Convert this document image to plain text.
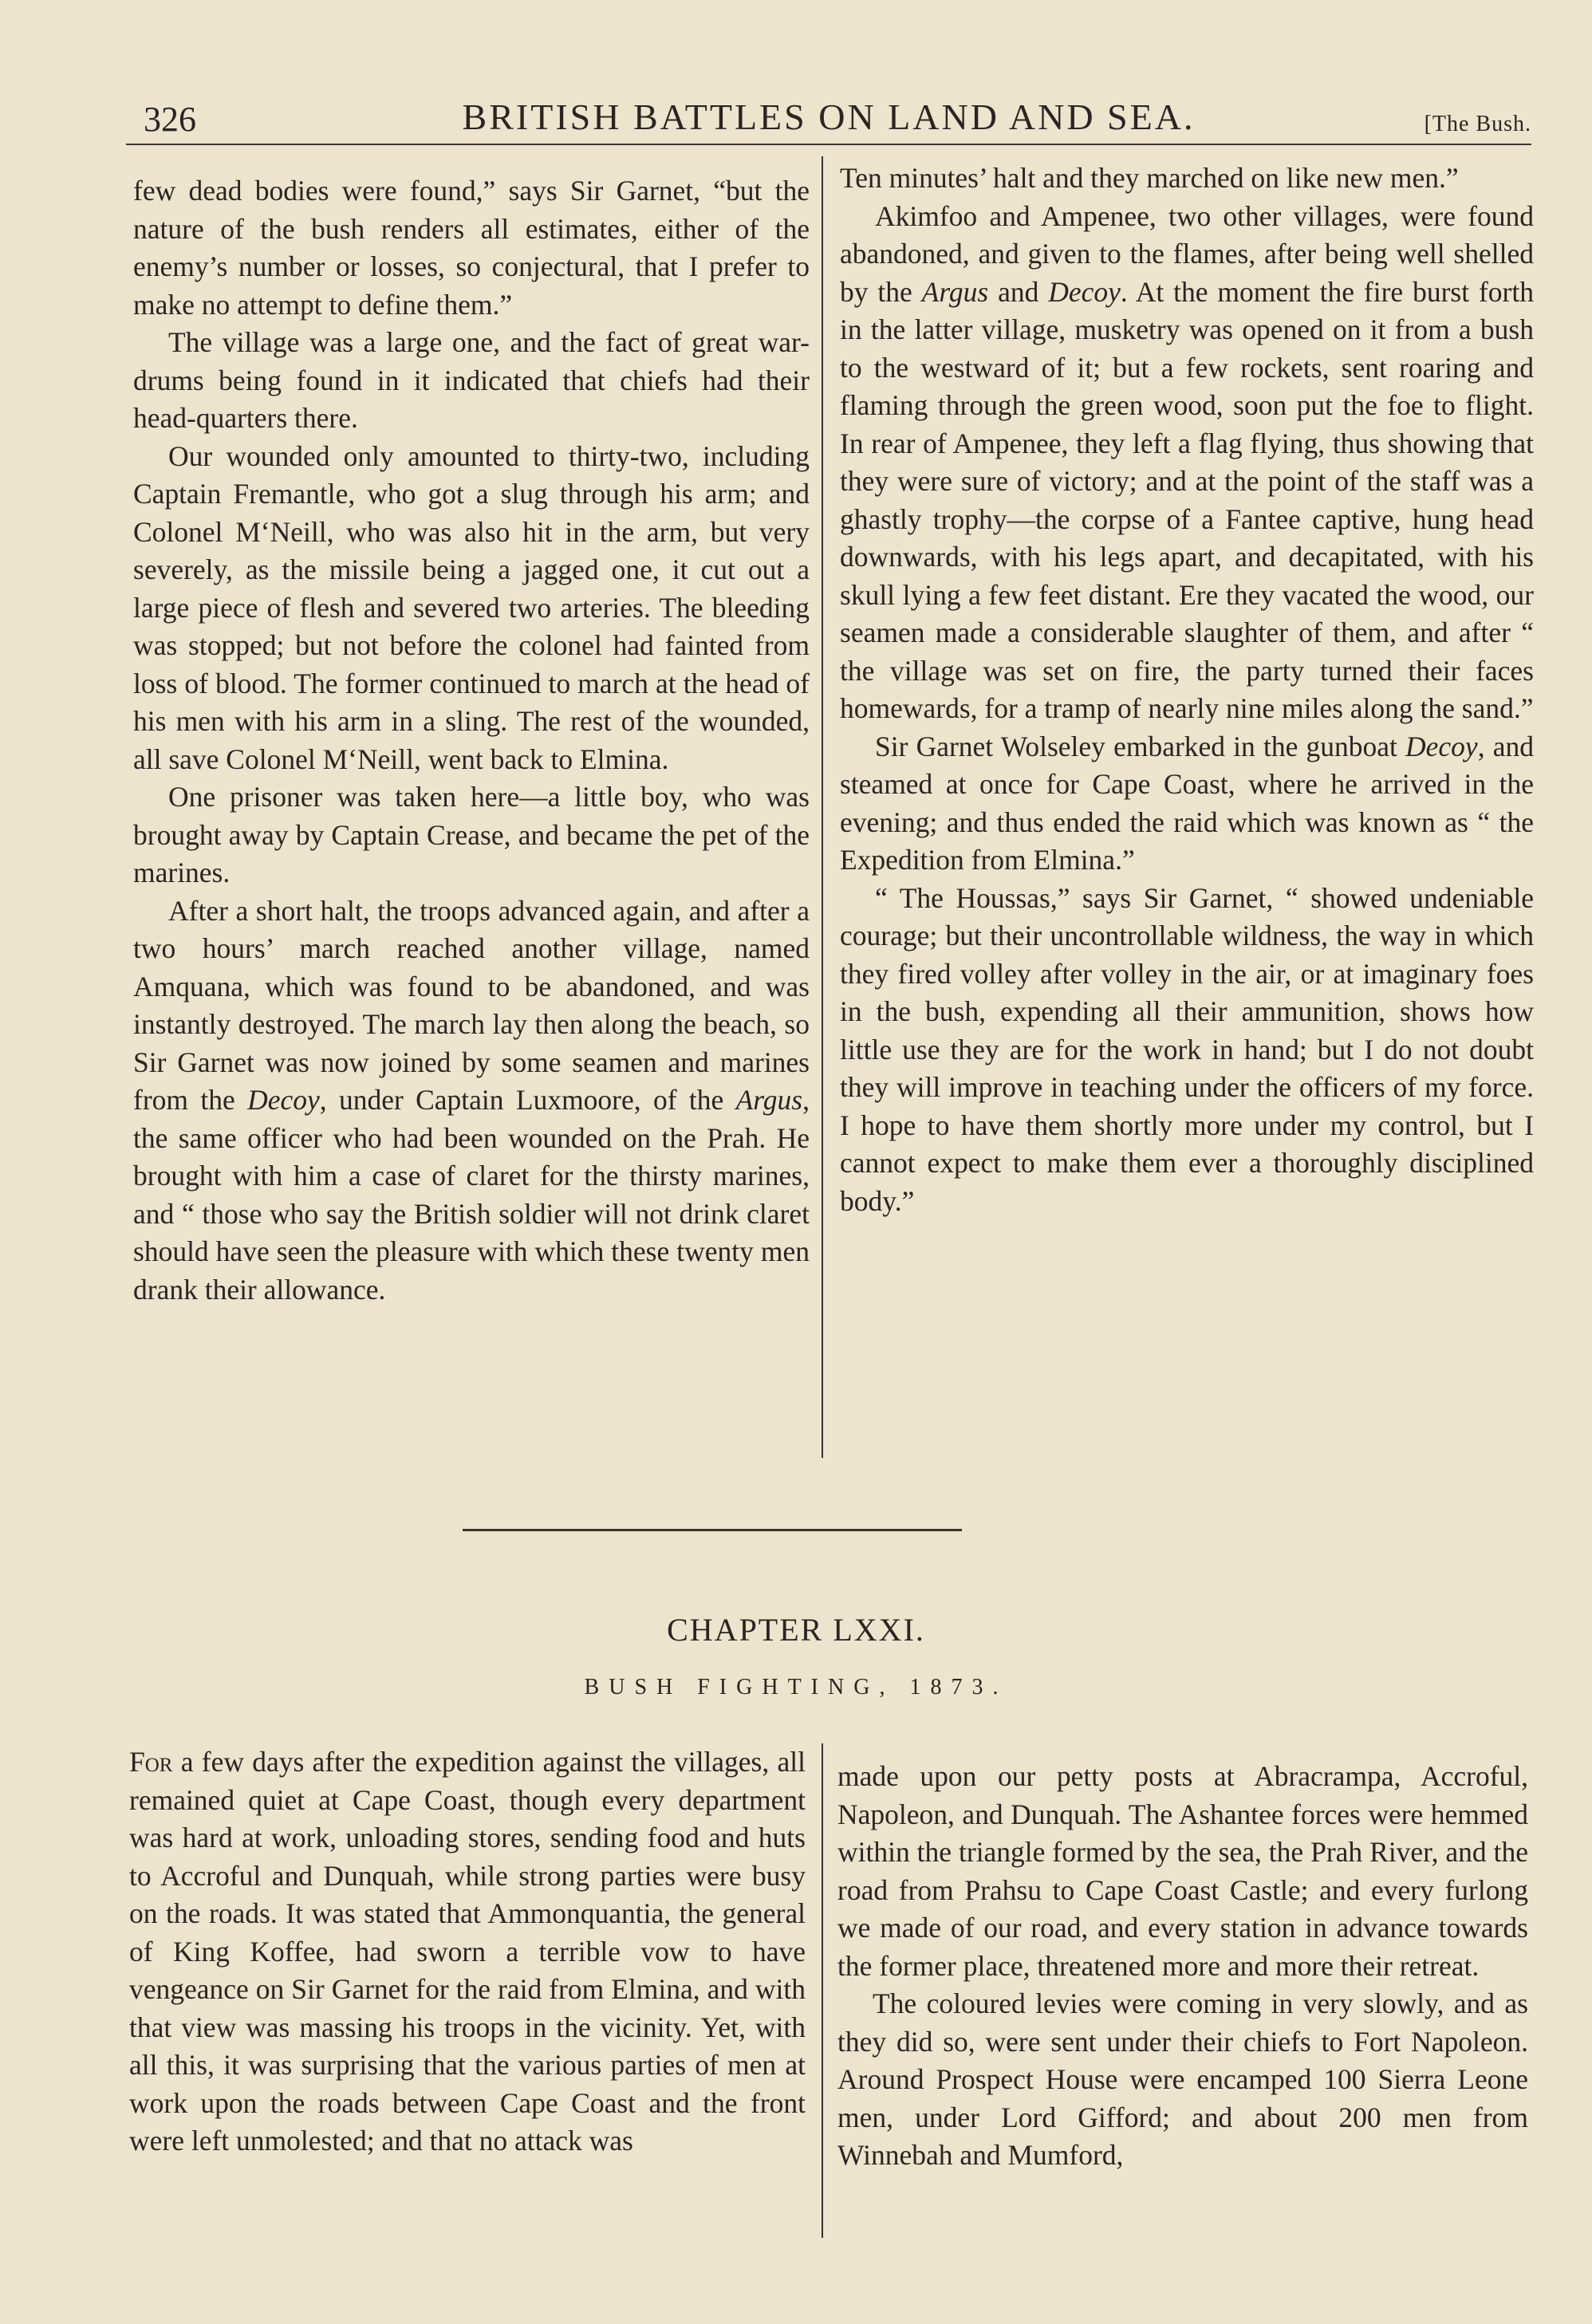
326	BRITISH BATTLES ON LAND AND SEA.	[The Bush.

few dead bodies were found,” says Sir Garnet, “but the nature of the bush renders all estimates, either of the enemy’s number or losses, so conjectural, that I prefer to make no attempt to define them.”

The village was a large one, and the fact of great war-drums being found in it indicated that chiefs had their head-quarters there.

Our wounded only amounted to thirty-two, including Captain Fremantle, who got a slug through his arm; and Colonel M‘Neill, who was also hit in the arm, but very severely, as the missile being a jagged one, it cut out a large piece of flesh and severed two arteries. The bleeding was stopped; but not before the colonel had fainted from loss of blood. The former continued to march at the head of his men with his arm in a sling. The rest of the wounded, all save Colonel M‘Neill, went back to Elmina.

One prisoner was taken here—a little boy, who was brought away by Captain Crease, and became the pet of the marines.

After a short halt, the troops advanced again, and after a two hours’ march reached another village, named Amquana, which was found to be abandoned, and was instantly destroyed. The march lay then along the beach, so Sir Garnet was now joined by some seamen and marines from the Decoy, under Captain Luxmoore, of the Argus, the same officer who had been wounded on the Prah. He brought with him a case of claret for the thirsty marines, and “ those who say the British soldier will not drink claret should have seen the pleasure with which these twenty men drank their allowance.

Ten minutes’ halt and they marched on like new men.”

Akimfoo and Ampenee, two other villages, were found abandoned, and given to the flames, after being well shelled by the Argus and Decoy. At the moment the fire burst forth in the latter village, musketry was opened on it from a bush to the westward of it; but a few rockets, sent roaring and flaming through the green wood, soon put the foe to flight. In rear of Ampenee, they left a flag flying, thus showing that they were sure of victory; and at the point of the staff was a ghastly trophy—the corpse of a Fantee captive, hung head downwards, with his legs apart, and decapitated, with his skull lying a few feet distant. Ere they vacated the wood, our seamen made a considerable slaughter of them, and after “ the village was set on fire, the party turned their faces homewards, for a tramp of nearly nine miles along the sand.”

Sir Garnet Wolseley embarked in the gunboat Decoy, and steamed at once for Cape Coast, where he arrived in the evening; and thus ended the raid which was known as “ the Expedition from Elmina.”

“ The Houssas,” says Sir Garnet, “ showed undeniable courage; but their uncontrollable wildness, the way in which they fired volley after volley in the air, or at imaginary foes in the bush, expending all their ammunition, shows how little use they are for the work in hand; but I do not doubt they will improve in teaching under the officers of my force. I hope to have them shortly more under my control, but I cannot expect to make them ever a thoroughly disciplined body.”

CHAPTER LXXI.
BUSH FIGHTING, 1873.

For a few days after the expedition against the villages, all remained quiet at Cape Coast, though every department was hard at work, unloading stores, sending food and huts to Accroful and Dunquah, while strong parties were busy on the roads. It was stated that Ammonquantia, the general of King Koffee, had sworn a terrible vow to have vengeance on Sir Garnet for the raid from Elmina, and with that view was massing his troops in the vicinity. Yet, with all this, it was surprising that the various parties of men at work upon the roads between Cape Coast and the front were left unmolested; and that no attack was

made upon our petty posts at Abracrampa, Accroful, Napoleon, and Dunquah. The Ashantee forces were hemmed within the triangle formed by the sea, the Prah River, and the road from Prahsu to Cape Coast Castle; and every furlong we made of our road, and every station in advance towards the former place, threatened more and more their retreat.

The coloured levies were coming in very slowly, and as they did so, were sent under their chiefs to Fort Napoleon. Around Prospect House were encamped 100 Sierra Leone men, under Lord Gifford; and about 200 men from Winnebah and Mumford,
